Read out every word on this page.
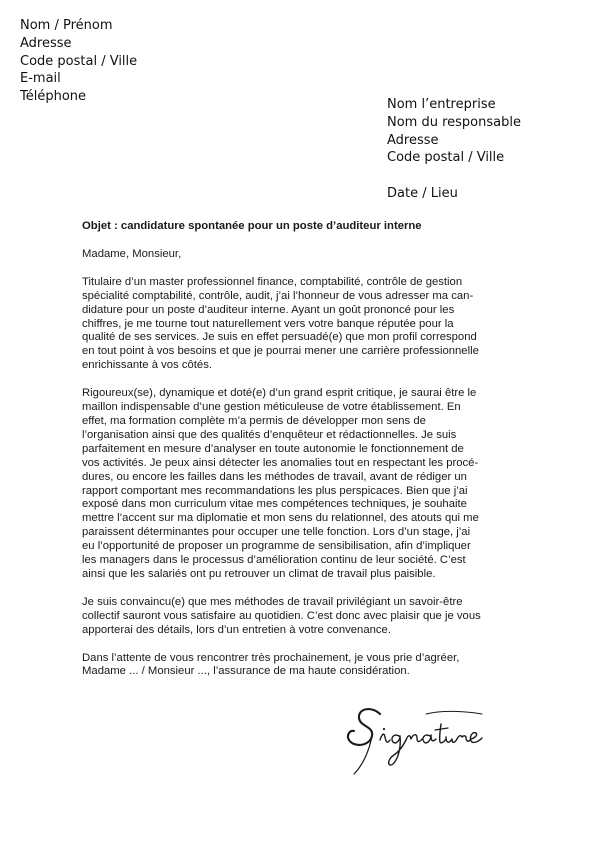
Nom / Prénom
Adresse
Code postal / Ville
E-mail
Téléphone
Nom l’entreprise
Nom du responsable
Adresse
Code postal / Ville
Date / Lieu
Objet : candidature spontanée pour un poste d’auditeur interne
Madame, Monsieur,
Titulaire d’un master professionnel finance, comptabilité, contrôle de gestion
spécialité comptabilité, contrôle, audit, j’ai l’honneur de vous adresser ma can-
didature pour un poste d’auditeur interne. Ayant un goût prononcé pour les
chiffres, je me tourne tout naturellement vers votre banque réputée pour la
qualité de ses services. Je suis en effet persuadé(e) que mon profil correspond
en tout point à vos besoins et que je pourrai mener une carrière professionnelle
enrichissante à vos côtés.
Rigoureux(se), dynamique et doté(e) d’un grand esprit critique, je saurai être le
maillon indispensable d’une gestion méticuleuse de votre établissement. En
effet, ma formation complète m’a permis de développer mon sens de
l’organisation ainsi que des qualités d’enquêteur et rédactionnelles. Je suis
parfaitement en mesure d’analyser en toute autonomie le fonctionnement de
vos activités. Je peux ainsi détecter les anomalies tout en respectant les procé-
dures, ou encore les failles dans les méthodes de travail, avant de rédiger un
rapport comportant mes recommandations les plus perspicaces. Bien que j’ai
exposé dans mon curriculum vitae mes compétences techniques, je souhaite
mettre l’accent sur ma diplomatie et mon sens du relationnel, des atouts qui me
paraissent déterminantes pour occuper une telle fonction. Lors d’un stage, j’ai
eu l’opportunité de proposer un programme de sensibilisation, afin d’impliquer
les managers dans le processus d’amélioration continu de leur société. C’est
ainsi que les salariés ont pu retrouver un climat de travail plus paisible.
Je suis convaincu(e) que mes méthodes de travail privilégiant un savoir-être
collectif sauront vous satisfaire au quotidien. C’est donc avec plaisir que je vous
apporterai des détails, lors d’un entretien à votre convenance.
Dans l’attente de vous rencontrer très prochainement, je vous prie d’agréer,
Madame ... / Monsieur ..., l’assurance de ma haute considération.
